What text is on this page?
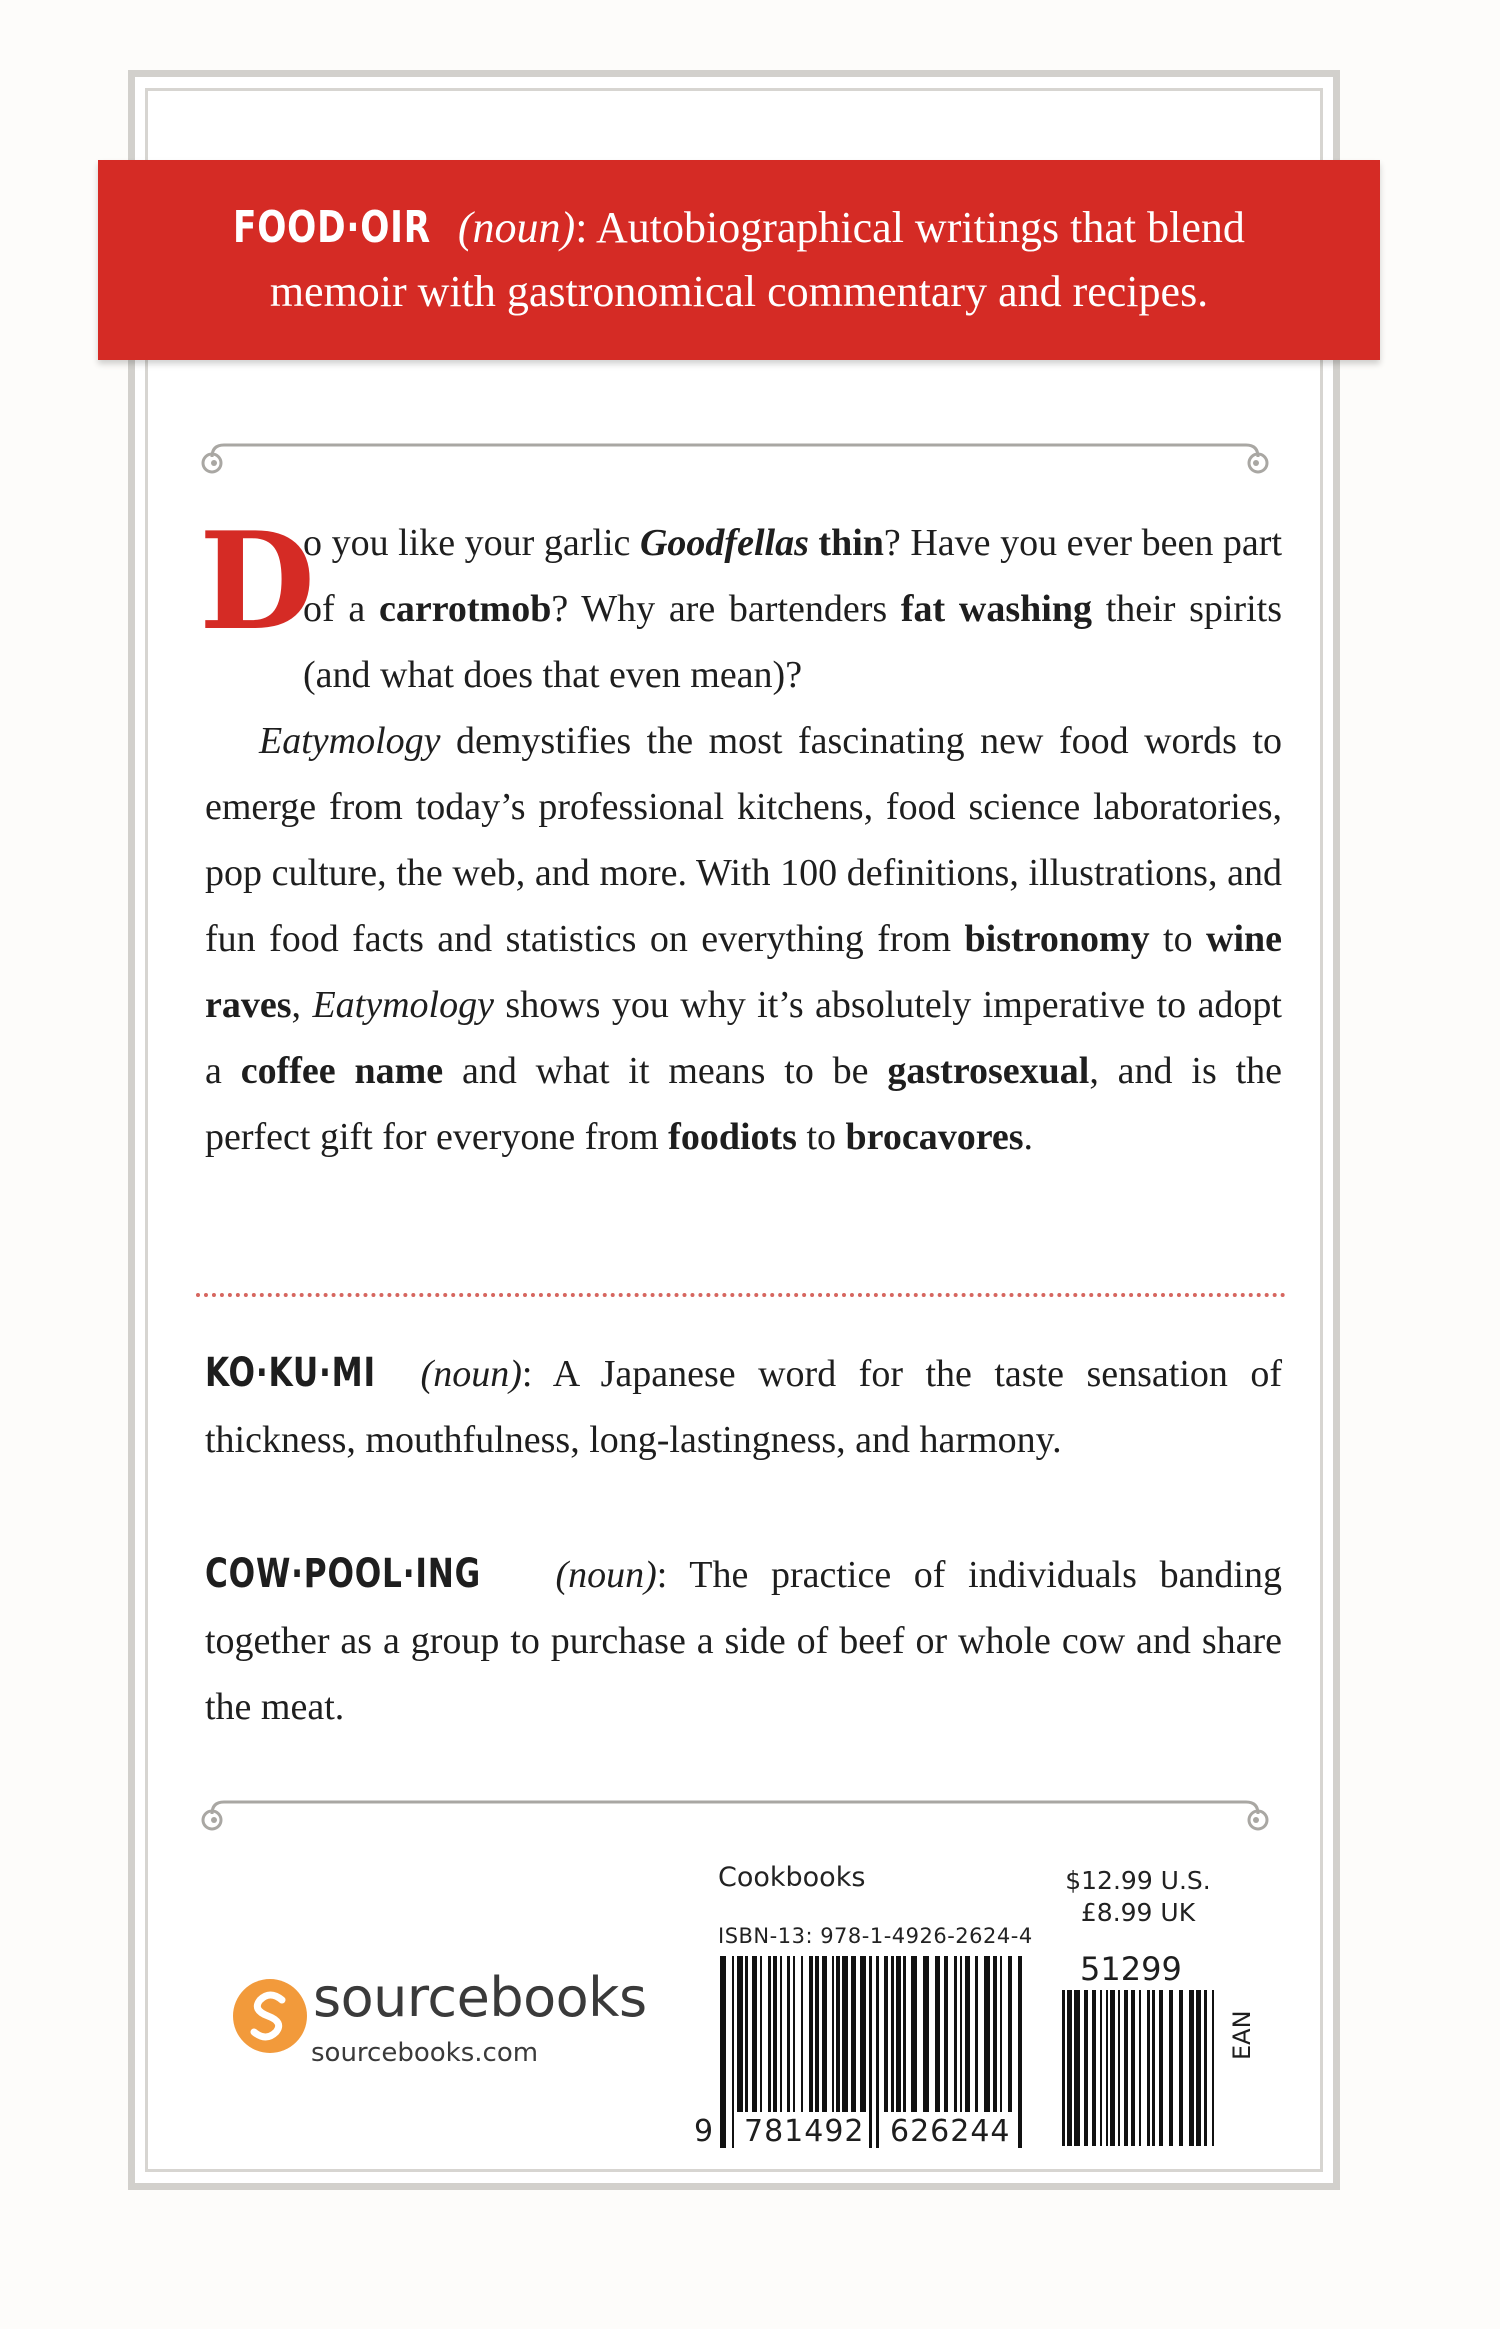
FOOD·OIR (noun): Autobiographical writings that blend memoir with gastronomical commentary and recipes.

D
o you like your garlic Goodfellas thin? Have you ever been part of a carrotmob? Why are bartenders fat washing their spirits (and what does that even mean)?

Eatymology demystifies the most fascinating new food words to emerge from today’s professional kitchens, food science laboratories, pop culture, the web, and more. With 100 definitions, illustrations, and fun food facts and statistics on everything from bistronomy to wine raves, Eatymology shows you why it’s absolutely imperative to adopt a coffee name and what it means to be gastrosexual, and is the perfect gift for everyone from foodiots to brocavores.

KO·KU·MI (noun): A Japanese word for the taste sensation of thickness, mouthfulness, long-lastingness, and harmony.
COW·POOL·ING (noun): The practice of individuals banding together as a group to purchase a side of beef or whole cow and share the meat.
sourcebooks
sourcebooks.com
Cookbooks
ISBN-13: 978-1-4926-2624-4
$12.99 U.S.
£8.99 UK
9 781492 626244
51299
EAN
